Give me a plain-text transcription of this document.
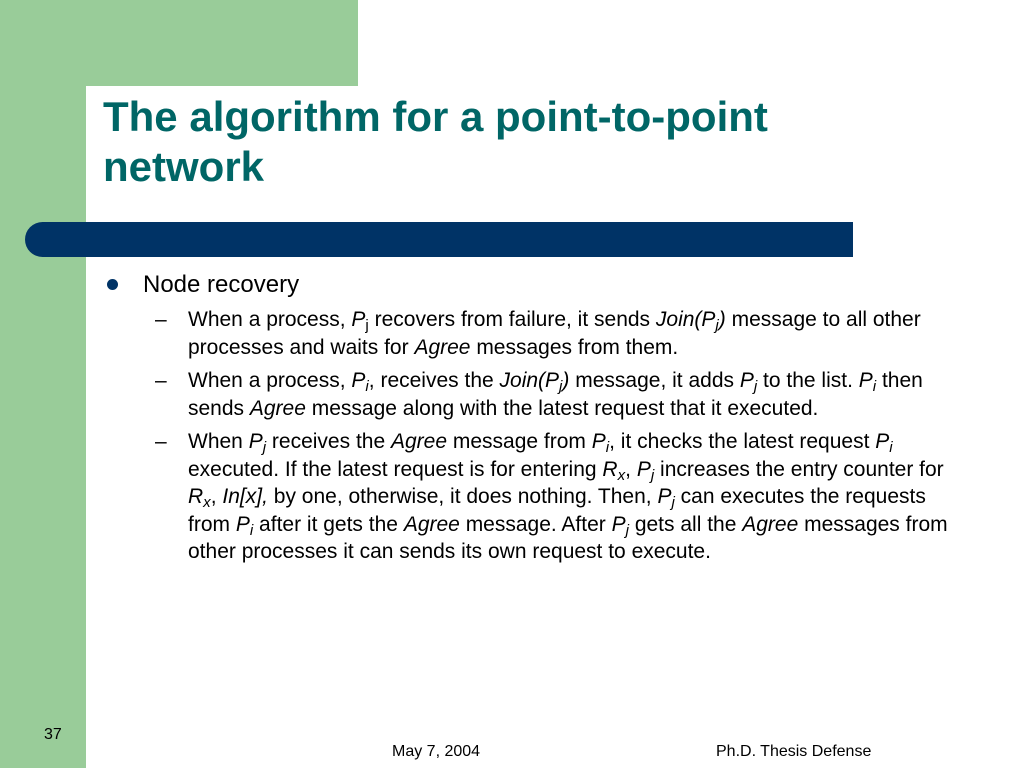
The algorithm for a point-to-point network
Node recovery
– When a process, $P_j$ recovers from failure, it sends $Join(P_j)$ message to all other processes and waits for Agree messages from them.
– When a process, $P_i$, receives the $Join(P_j)$ message, it adds $P_j$ to the list. $P_i$ then sends Agree message along with the latest request that it executed.
– When $P_j$ receives the Agree message from $P_i$, it checks the latest request $P_i$ executed. If the latest request is for entering $R_x$, $P_j$ increases the entry counter for $R_x$, In[x], by one, otherwise, it does nothing. Then, $P_j$ can executes the requests from $P_i$ after it gets the Agree message. After $P_j$ gets all the Agree messages from other processes it can sends its own request to execute.
37
May 7, 2004	Ph.D. Thesis Defense
